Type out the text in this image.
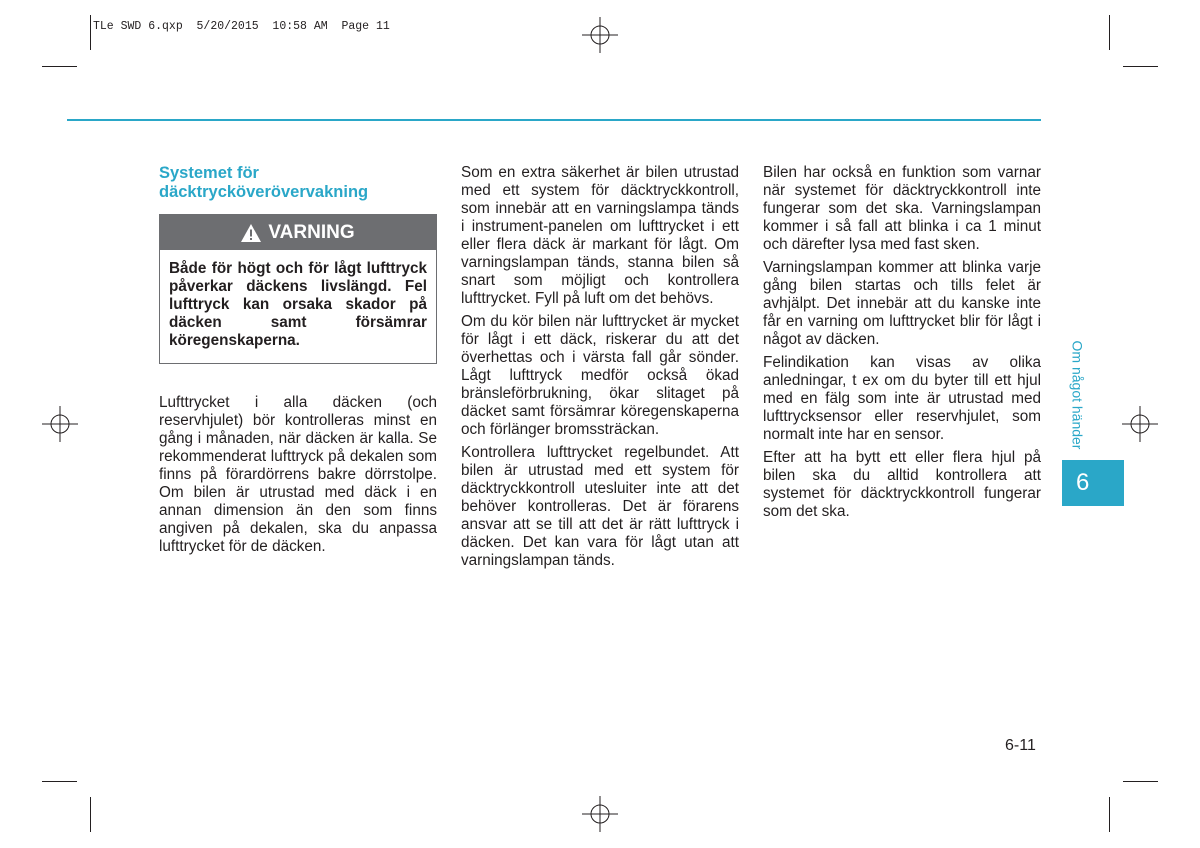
TLe SWD 6.qxp  5/20/2015  10:58 AM  Page 11
Systemet för däcktrycköverövervakning
VARNING
Både för högt och för lågt lufttryck påverkar däckens livslängd. Fel lufttryck kan orsaka skador på däcken samt försämrar köregenskaperna.

Lufttrycket i alla däcken (och reservhjulet) bör kontrolleras minst en gång i månaden, när däcken är kalla. Se rekommenderat lufttryck på dekalen som finns på förardörrens bakre dörrstolpe. Om bilen är utrustad med däck i en annan dimension än den som finns angiven på dekalen, ska du anpassa lufttrycket för de däcken.

Som en extra säkerhet är bilen utrustad med ett system för däcktryckkontroll, som innebär att en varningslampa tänds i instrument-panelen om lufttrycket i ett eller flera däck är markant för lågt. Om varningslampan tänds, stanna bilen så snart som möjligt och kontrollera lufttrycket. Fyll på luft om det behövs.

Om du kör bilen när lufttrycket är mycket för lågt i ett däck, riskerar du att det överhettas och i värsta fall går sönder. Lågt lufttryck medför också ökad bränsleförbrukning, ökar slitaget på däcket samt försämrar köregenskaperna och förlänger bromssträckan.

Kontrollera lufttrycket regelbundet. Att bilen är utrustad med ett system för däcktryckkontroll utesluiter inte att det behöver kontrolleras. Det är förarens ansvar att se till att det är rätt lufttryck i däcken. Det kan vara för lågt utan att varningslampan tänds.

Bilen har också en funktion som varnar när systemet för däcktryckkontroll inte fungerar som det ska. Varningslampan kommer i så fall att blinka i ca 1 minut och därefter lysa med fast sken.

Varningslampan kommer att blinka varje gång bilen startas och tills felet är avhjälpt. Det innebär att du kanske inte får en varning om lufttrycket blir för lågt i något av däcken.

Felindikation kan visas av olika anledningar, t ex om du byter till ett hjul med en fälg som inte är utrustad med lufttrycksensor eller reservhjulet, som normalt inte har en sensor.

Efter att ha bytt ett eller flera hjul på bilen ska du alltid kontrollera att systemet för däcktryckkontroll fungerar som det ska.

Om något händer
6
6-11
